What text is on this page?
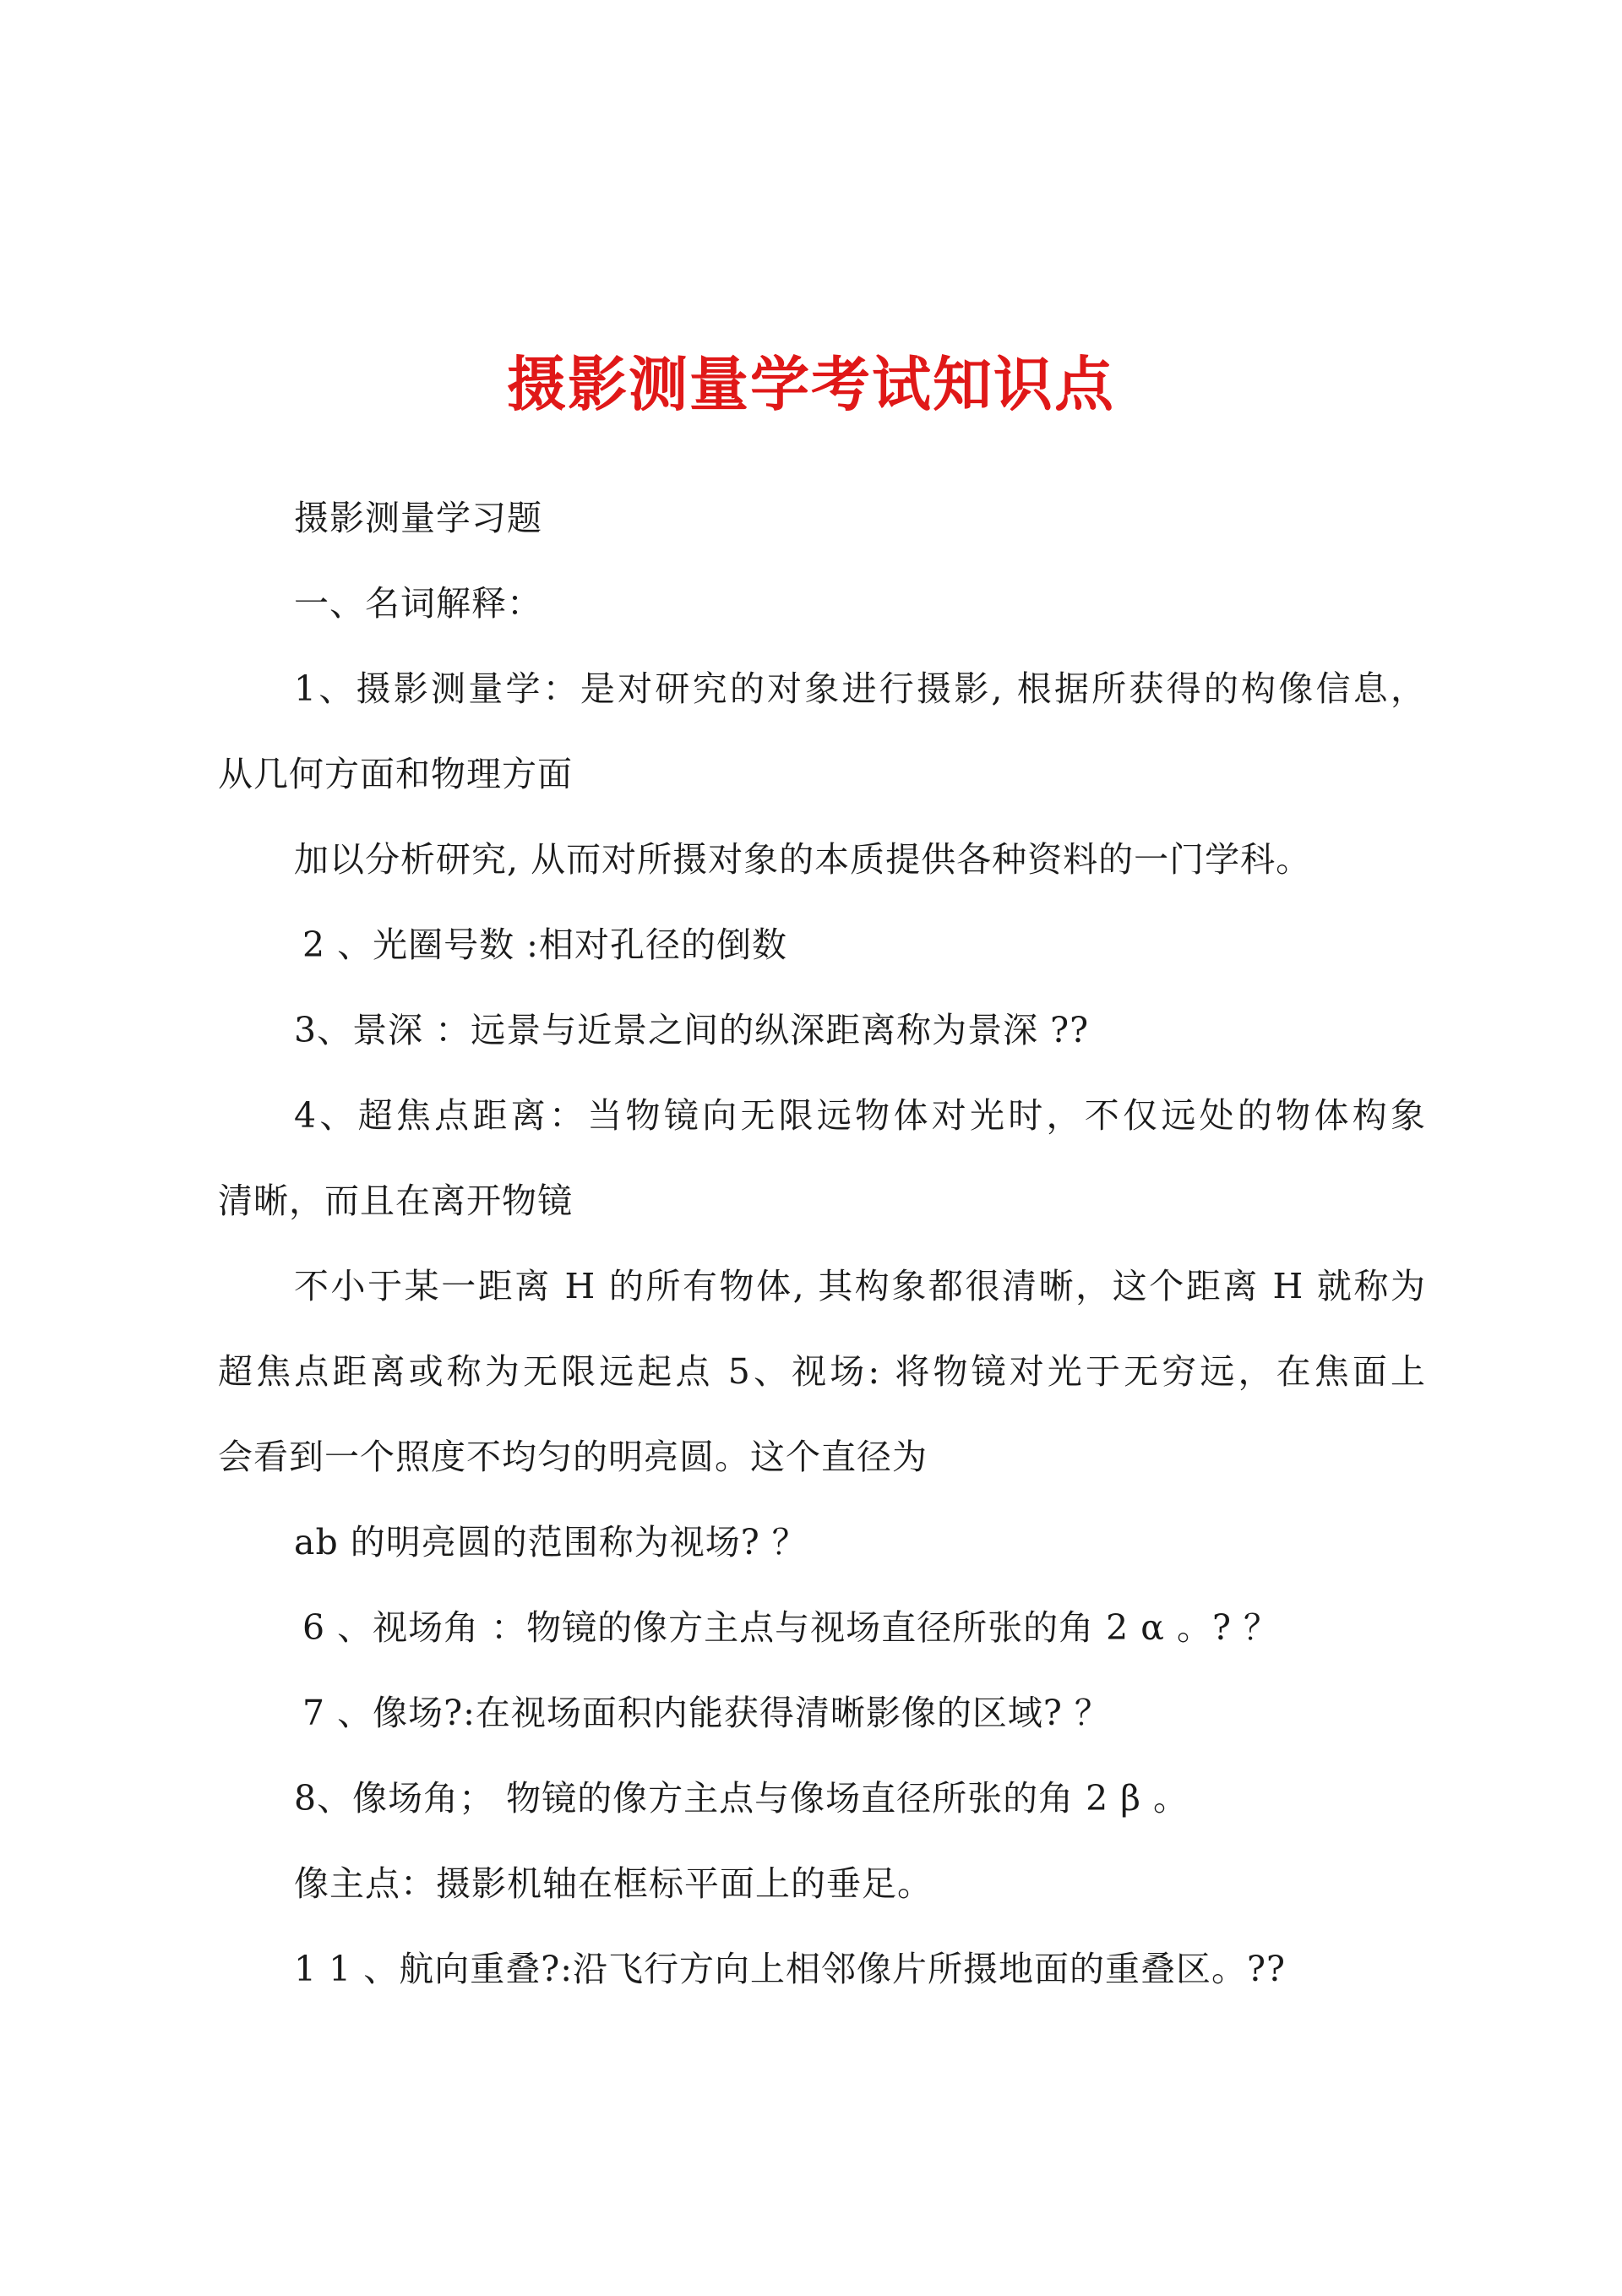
摄影测量学考试知识点
摄影测量学习题
一、名词解释：
1、摄影测量学：是对研究的对象进行摄影, 根据所获得的构像信息，
从几何方面和物理方面
加以分析研究, 从而对所摄对象的本质提供各种资料的一门学科。
2 、光圈号数 :相对孔径的倒数
3、景深 ：远景与近景之间的纵深距离称为景深 ??
4、超焦点距离：当物镜向无限远物体对光时，不仅远处的物体构象
清晰，而且在离开物镜
不小于某一距离 H 的所有物体, 其构象都很清晰，这个距离 H 就称为
超焦点距离或称为无限远起点 5、视场: 将物镜对光于无穷远，在焦面上
会看到一个照度不均匀的明亮圆。这个直径为
ab 的明亮圆的范围称为视场? ？
6 、视场角 ：物镜的像方主点与视场直径所张的角 2 α 。? ？
7 、像场?:在视场面积内能获得清晰影像的区域? ？
8、像场角； 物镜的像方主点与像场直径所张的角 2 β 。
像主点：摄影机轴在框标平面上的垂足。
1 1 、航向重叠?:沿飞行方向上相邻像片所摄地面的重叠区。??
